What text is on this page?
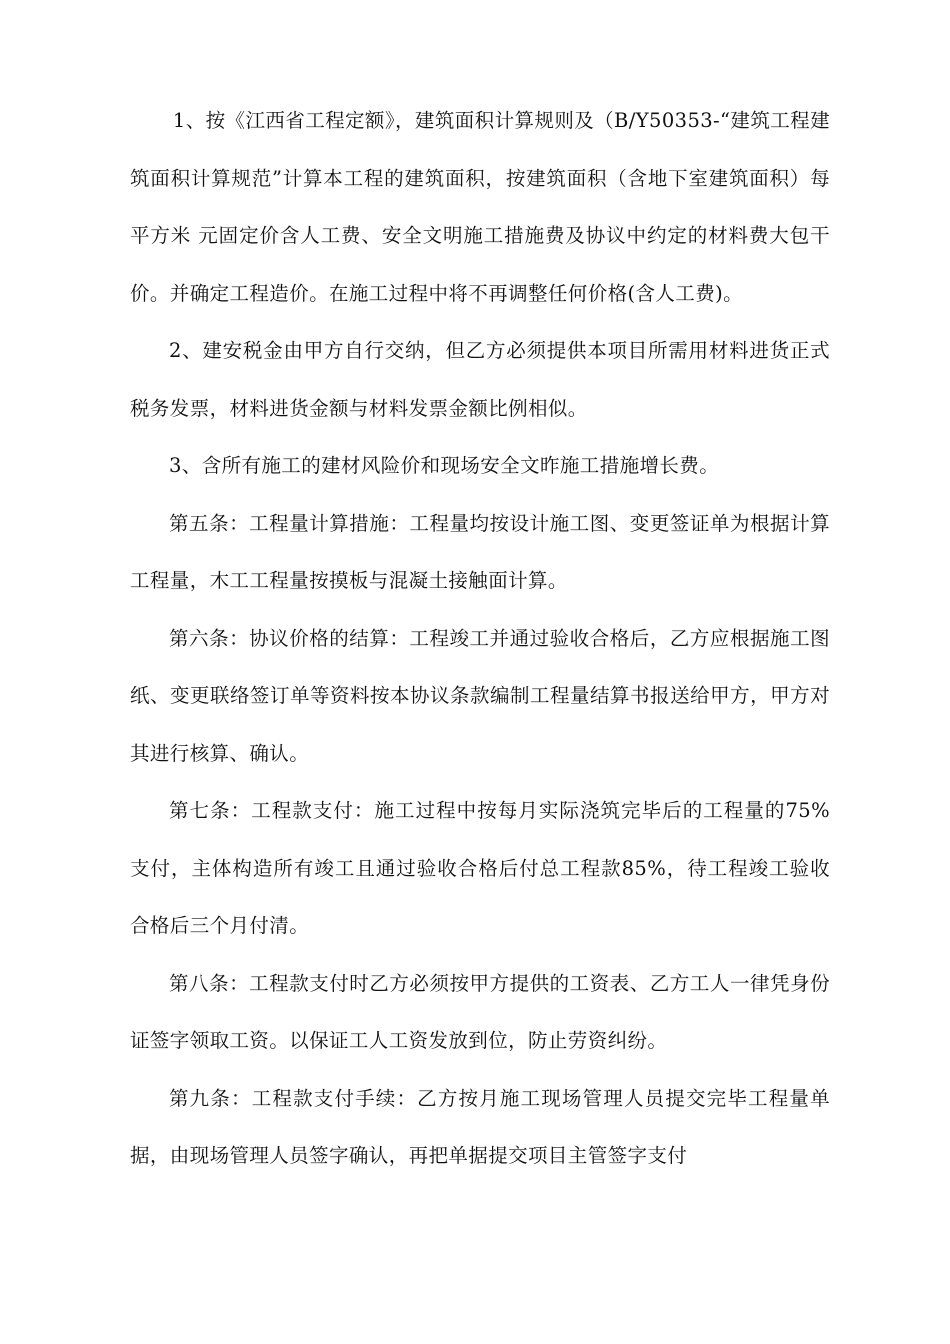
1、按《江西省工程定额》，建筑面积计算规则及（B/Y50353-“建筑工程建筑面积计算规范”计算本工程的建筑面积，按建筑面积（含地下室建筑面积）每平方米 元固定价含人工费、安全文明施工措施费及协议中约定的材料费大包干价。并确定工程造价。在施工过程中将不再调整任何价格(含人工费)。

2、建安税金由甲方自行交纳，但乙方必须提供本项目所需用材料进货正式税务发票，材料进货金额与材料发票金额比例相似。

3、含所有施工的建材风险价和现场安全文昨施工措施增长费。

第五条：工程量计算措施：工程量均按设计施工图、变更签证单为根据计算工程量，木工工程量按摸板与混凝土接触面计算。

第六条：协议价格的结算：工程竣工并通过验收合格后，乙方应根据施工图纸、变更联络签订单等资料按本协议条款编制工程量结算书报送给甲方，甲方对其进行核算、确认。

第七条：工程款支付：施工过程中按每月实际浇筑完毕后的工程量的75%支付，主体构造所有竣工且通过验收合格后付总工程款85%，待工程竣工验收合格后三个月付清。

第八条：工程款支付时乙方必须按甲方提供的工资表、乙方工人一律凭身份证签字领取工资。以保证工人工资发放到位，防止劳资纠纷。

第九条：工程款支付手续：乙方按月施工现场管理人员提交完毕工程量单据，由现场管理人员签字确认，再把单据提交项目主管签字支付
